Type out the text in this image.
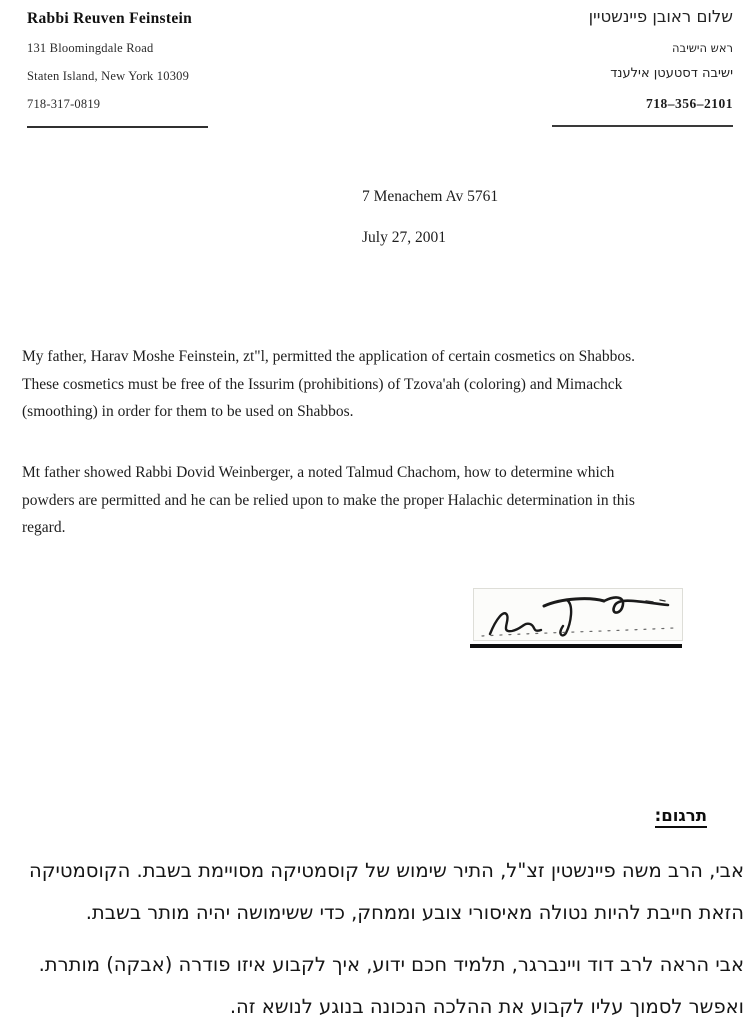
Rabbi Reuven Feinstein
131 Bloomingdale Road
Staten Island, New York 10309
718-317-0819
שלום ראובן פיינשטיין
ראש הישיבה
ישיבה דסטעטן אילענד
718–356–2101
7 Menachem Av 5761
July 27, 2001
My father, Harav Moshe Feinstein, zt"l, permitted the application of certain cosmetics on Shabbos.
These cosmetics must be free of the Issurim (prohibitions) of Tzova'ah (coloring) and Mimachck
(smoothing) in order for them to be used on Shabbos.
Mt father showed Rabbi Dovid Weinberger, a noted Talmud Chachom, how to determine which
powders are permitted and he can be relied upon to make the proper Halachic determination in this
regard.
תרגום:
אבי, הרב משה פיינשטין זצ"ל, התיר שימוש של קוסמטיקה מסויימת בשבת. הקוסמטיקה
הזאת חייבת להיות נטולה מאיסורי צובע וממחק, כדי ששימושה יהיה מותר בשבת.
אבי הראה לרב דוד ויינברגר, תלמיד חכם ידוע, איך לקבוע איזו פודרה (אבקה) מותרת.
ואפשר לסמוך עליו לקבוע את ההלכה הנכונה בנוגע לנושא זה.
